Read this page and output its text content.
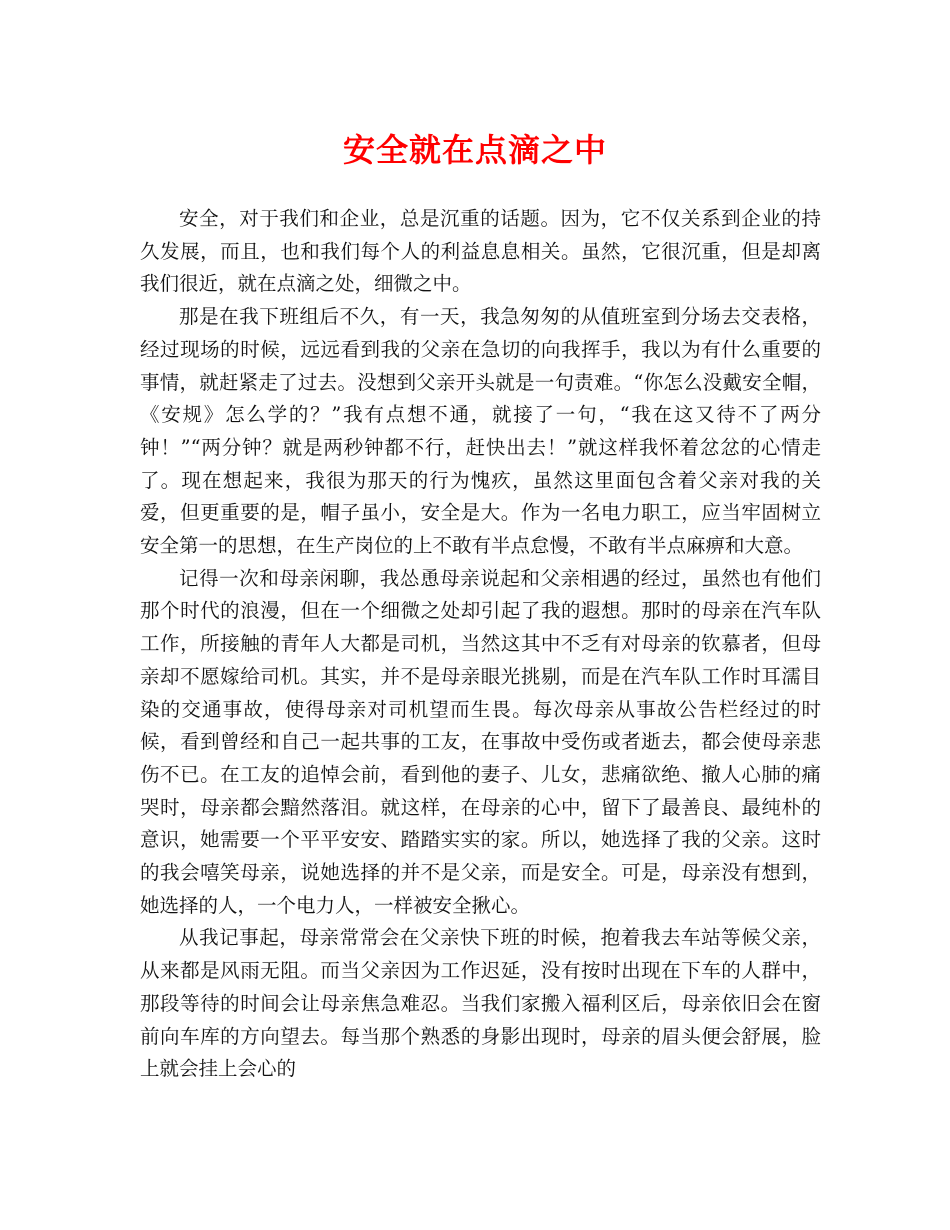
安全就在点滴之中

安全，对于我们和企业，总是沉重的话题。因为，它不仅关系到企业的持久发展，而且，也和我们每个人的利益息息相关。虽然，它很沉重，但是却离我们很近，就在点滴之处，细微之中。

那是在我下班组后不久，有一天，我急匆匆的从值班室到分场去交表格，经过现场的时候，远远看到我的父亲在急切的向我挥手，我以为有什么重要的事情，就赶紧走了过去。没想到父亲开头就是一句责难。“你怎么没戴安全帽，《安规》怎么学的？”我有点想不通，就接了一句，“我在这又待不了两分钟！”“两分钟？就是两秒钟都不行，赶快出去！”就这样我怀着忿忿的心情走了。现在想起来，我很为那天的行为愧疚，虽然这里面包含着父亲对我的关爱，但更重要的是，帽子虽小，安全是大。作为一名电力职工，应当牢固树立安全第一的思想，在生产岗位的上不敢有半点怠慢，不敢有半点麻痹和大意。

记得一次和母亲闲聊，我怂恿母亲说起和父亲相遇的经过，虽然也有他们那个时代的浪漫，但在一个细微之处却引起了我的遐想。那时的母亲在汽车队工作，所接触的青年人大都是司机，当然这其中不乏有对母亲的钦慕者，但母亲却不愿嫁给司机。其实，并不是母亲眼光挑剔，而是在汽车队工作时耳濡目染的交通事故，使得母亲对司机望而生畏。每次母亲从事故公告栏经过的时候，看到曾经和自己一起共事的工友，在事故中受伤或者逝去，都会使母亲悲伤不已。在工友的追悼会前，看到他的妻子、儿女，悲痛欲绝、撤人心肺的痛哭时，母亲都会黯然落泪。就这样，在母亲的心中，留下了最善良、最纯朴的意识，她需要一个平平安安、踏踏实实的家。所以，她选择了我的父亲。这时的我会嘻笑母亲，说她选择的并不是父亲，而是安全。可是，母亲没有想到，她选择的人，一个电力人，一样被安全揪心。

从我记事起，母亲常常会在父亲快下班的时候，抱着我去车站等候父亲，从来都是风雨无阻。而当父亲因为工作迟延，没有按时出现在下车的人群中，那段等待的时间会让母亲焦急难忍。当我们家搬入福利区后，母亲依旧会在窗前向车库的方向望去。每当那个熟悉的身影出现时，母亲的眉头便会舒展，脸上就会挂上会心的
